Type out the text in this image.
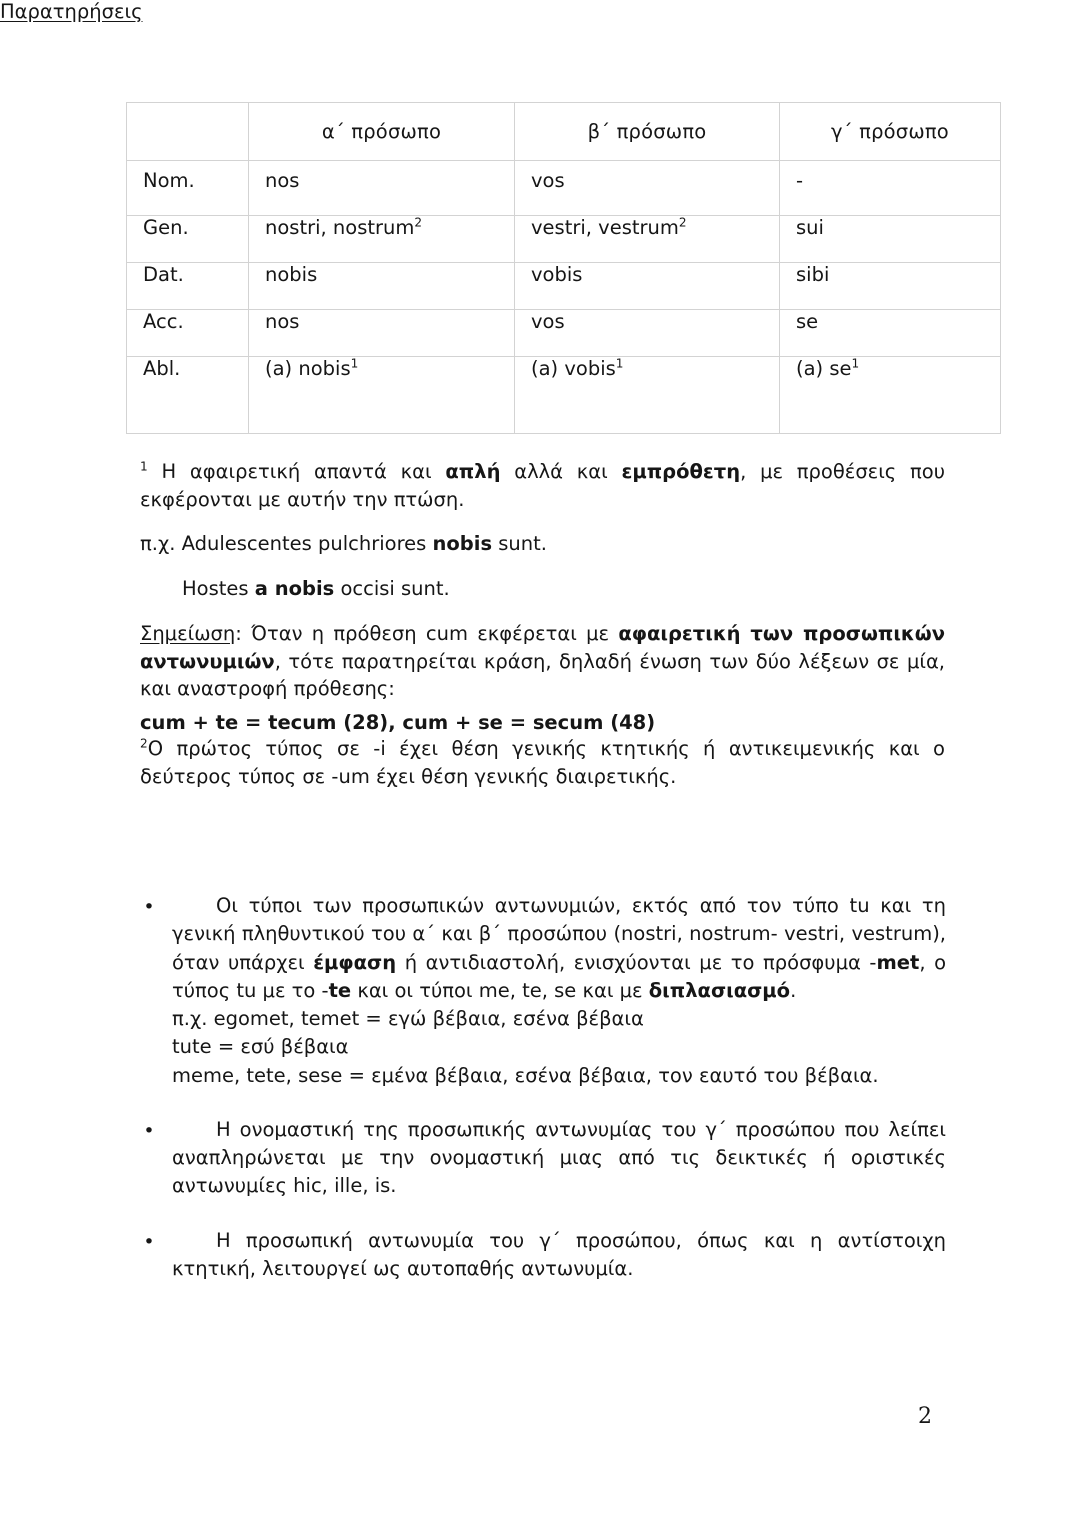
	α΄ πρόσωπο	β΄ πρόσωπο	γ΄ πρόσωπο

Nom.	nos	vos	-

Gen.	nostri, nostrum$^2$	vestri, vestrum$^2$	sui

Dat.	nobis	vobis	sibi

Acc.	nos	vos	se

Abl.	(a) nobis$^1$	(a) vobis$^1$	(a) $se^1$
$^1$ Η αφαιρετική απαντά και απλή αλλά και εμπρόθετη, με προθέσεις που εκφέρονται με αυτήν την πτώση.
π.χ. Adulescentes pulchriores nobis sunt.
Hostes a nobis occisi sunt.
Σημείωση: Όταν η πρόθεση cum εκφέρεται με αφαιρετική των προσωπικών αντωνυμιών, τότε παρατηρείται κράση, δηλαδή ένωση των δύο λέξεων σε μία, και αναστροφή πρόθεσης:
cum + te = tecum (28), cum + se = secum (48)
$^2$Ο πρώτος τύπος σε -i έχει θέση γενικής κτητικής ή αντικειμενικής και ο δεύτερος τύπος σε -um έχει θέση γενικής διαιρετικής.
Παρατηρήσεις
•	Οι τύποι των προσωπικών αντωνυμιών, εκτός από τον τύπο tu και τη γενική πληθυντικού του α΄ και β΄ προσώπου (nostri, nostrum- vestri, vestrum), όταν υπάρχει έμφαση ή αντιδιαστολή, ενισχύονται με το πρόσφυμα -met, ο τύπος tu με το -te και οι τύποι me, te, se και με διπλασιασμό.
π.χ. egomet, temet = εγώ βέβαια, εσένα βέβαια
tute = εσύ βέβαια
meme, tete, sese = εμένα βέβαια, εσένα βέβαια, τον εαυτό του βέβαια.
•	Η ονομαστική της προσωπικής αντωνυμίας του γ΄ προσώπου που λείπει αναπληρώνεται με την ονομαστική μιας από τις δεικτικές ή οριστικές αντωνυμίες hic, ille, is.
•	Η προσωπική αντωνυμία του γ΄ προσώπου, όπως και η αντίστοιχη κτητική, λειτουργεί ως αυτοπαθής αντωνυμία.
2
